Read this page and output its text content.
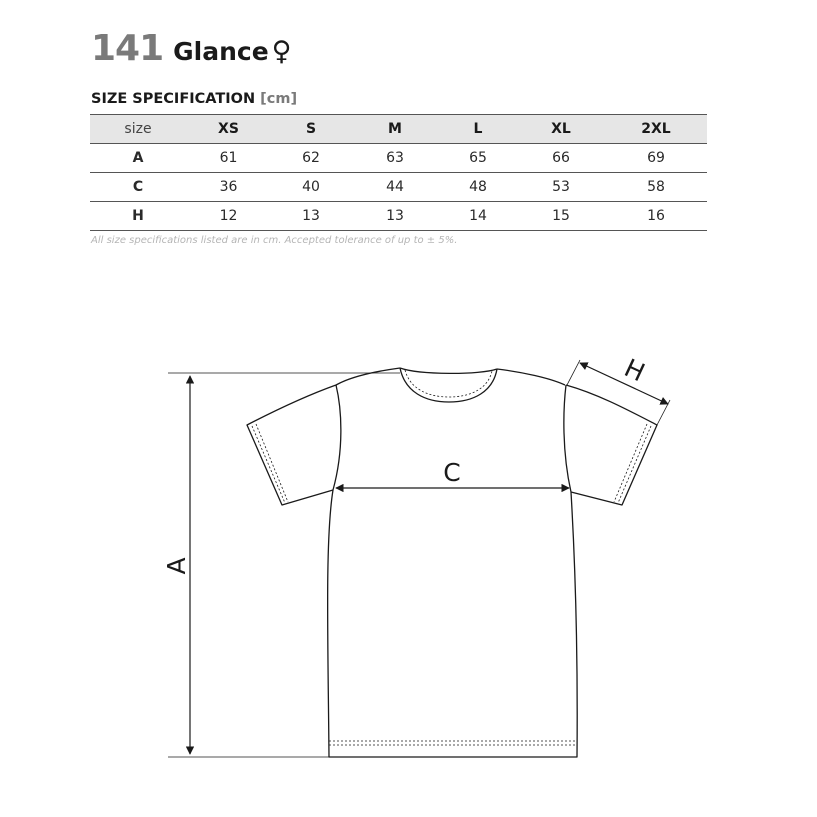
141 Glance ♀
SIZE SPECIFICATION [cm]
size	XS	S	M	L	XL	2XL
A	61	62	63	65	66	69
C	36	40	44	48	53	58
H	12	13	13	14	15	16
All size specifications listed are in cm. Accepted tolerance of up to ± 5%.
A
C
H
